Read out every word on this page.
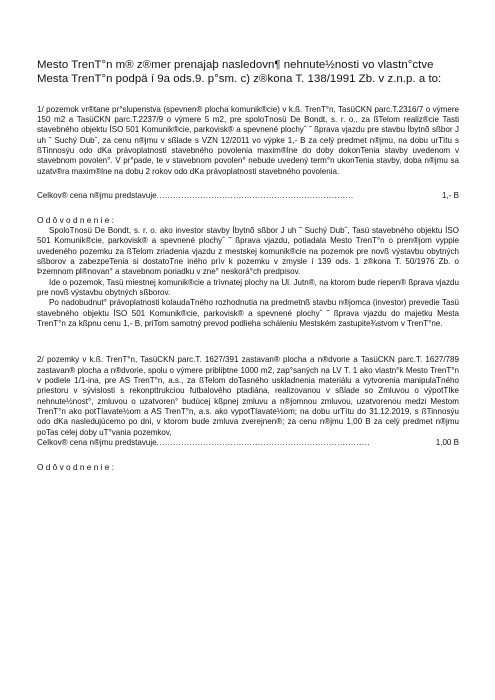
Mesto TrenT°n m® z®mer prenajaþ nasledovn¶ nehnute½nosti vo vlastn°ctve Mesta TrenT°n podpä í 9a ods.9. p°sm. c) z®kona T. 138/1991 Zb. v z.n.p. a to:

1/ pozemok vr®tane pr°slupenstva (spevnen® plocha komunik®cie) v k.ß. TrenT°n, TasüCKN parc.T.2316/7 o výmere 150 m2 a TasüCKN parc.T.2237/9 o výmere 5 m2, pre spoloTnosü De Bondt, s. r. o., za ßTelom realiz®cie Tasti stavebného objektu ÍSO 501 Komunik®cie, parkovisk® a spevnené plochyˆ ˜ ßprava vjazdu pre stavbu Íbytnõ sßbor J uh ˜ Suchý Dubˆ, za cenu n®jmu v sßlade s VZN 12/2011 vo výpke 1,- B za celý predmet n®jmu, na dobu urTìtu s ßTinnosýu odo dKa právoplatnosti stavebného povolenia maxim®lne do doby dokonTenia stavby uvedenom v stavebnom povolen°. V pr°pade, te v stavebnom povolen° nebude uvedený term°n ukonTenia stavby, doba n®jmu sa uzatv®ra maxim®lne na dobu 2 rokov odo dKa právoplatnosti stavebného povolenia.

Celkov® cena n®jmu predstavuje ........................................................................	1,- B

Odôvodnenie:

SpoloTnosü De Bondt, s. r. o. ako investor stavby Íbytnõ sßbor J uh ˜ Suchý Dubˆ, Tasü stavebného objektu ÍSO 501 Komunik®cie, parkovisk® a spevnené plochyˆ ˜ ßprava vjazdu, potiadala Mesto TrenT°n o pren®jom vyppie uvedeného pozemku za ßTelom zriadenia vjazdu z mestskej komunik®cie na pozemok pre novß výstavbu obytných sßborov a zabezpeTenia si dostatoTne iného prìv k pozemku v zmysle í 139 ods. 1 z®kona T. 50/1976 Zb. o Þzemnom pl®novan° a stavebnom poriadku v zne° neskorá°ch predpisov.

Ide o pozemok, Tasü miestnej komunik®cie a trìvnatej plochy na Ul. Jutn®, na ktorom bude riepen® ßprava vjazdu pre novß výstavbu obytných sßborov.

Po nadobudnut° právoplatnosti kolaudaTného rozhodnutia na predmetnß stavbu n®jomca (investor) prevedie Tasü stavebného objektu ÍSO 501 Komunik®cie, parkovisk® a spevnené plochyˆ ˜ ßprava vjazdu do majetku Mesta TrenT°n za kßpnu cenu 1,- B, priTom samotný prevod podlieha scháleniu Mestském zastupite¾stvom v TrenT°ne.

2/ pozemky v k.ß. TrenT°n, TasüCKN parc.T. 1627/391 zastavan® plocha a n®dvorie a TasüCKN parc.T. 1627/789 zastavan® plocha a n®dvorie, spolu o výmere pribliþtne 1000 m2, zap°saných na LV T. 1 ako vlastn°k Mesto TrenT°n v podiele 1/1-ina, pre AS TrenT°n, a.s., za ßTelom doTasného uskladnenia materiálu a vytvorenia manipulaTného priestoru v sývislosti s rekonpttrukciou futbalového ptadiána, realizovanou v sßlade so Zmluvou o výpotTIke nehnute½nost°, zmluvou o uzatvoren° budúcej kßpnej zmluvu a n®jomnou zmluvou, uzatvorenou medzi Mestom TrenT°n ako potTIavate½om a AS TrenT°n, a.s. ako vypotTIavate½om; na dobu urTìtu do 31.12.2019, s ßTinnosýu odo dKa nasledujúcemo po dni, v ktorom bude zmluva zverejnen®; za cenu n®jmu 1,00 B za celý predmet n®jmu poTas celej doby uT°vania pozemkov,

Celkov® cena n®jmu predstavuje ..............................................................................	1,00 B

Odôvodnenie:
